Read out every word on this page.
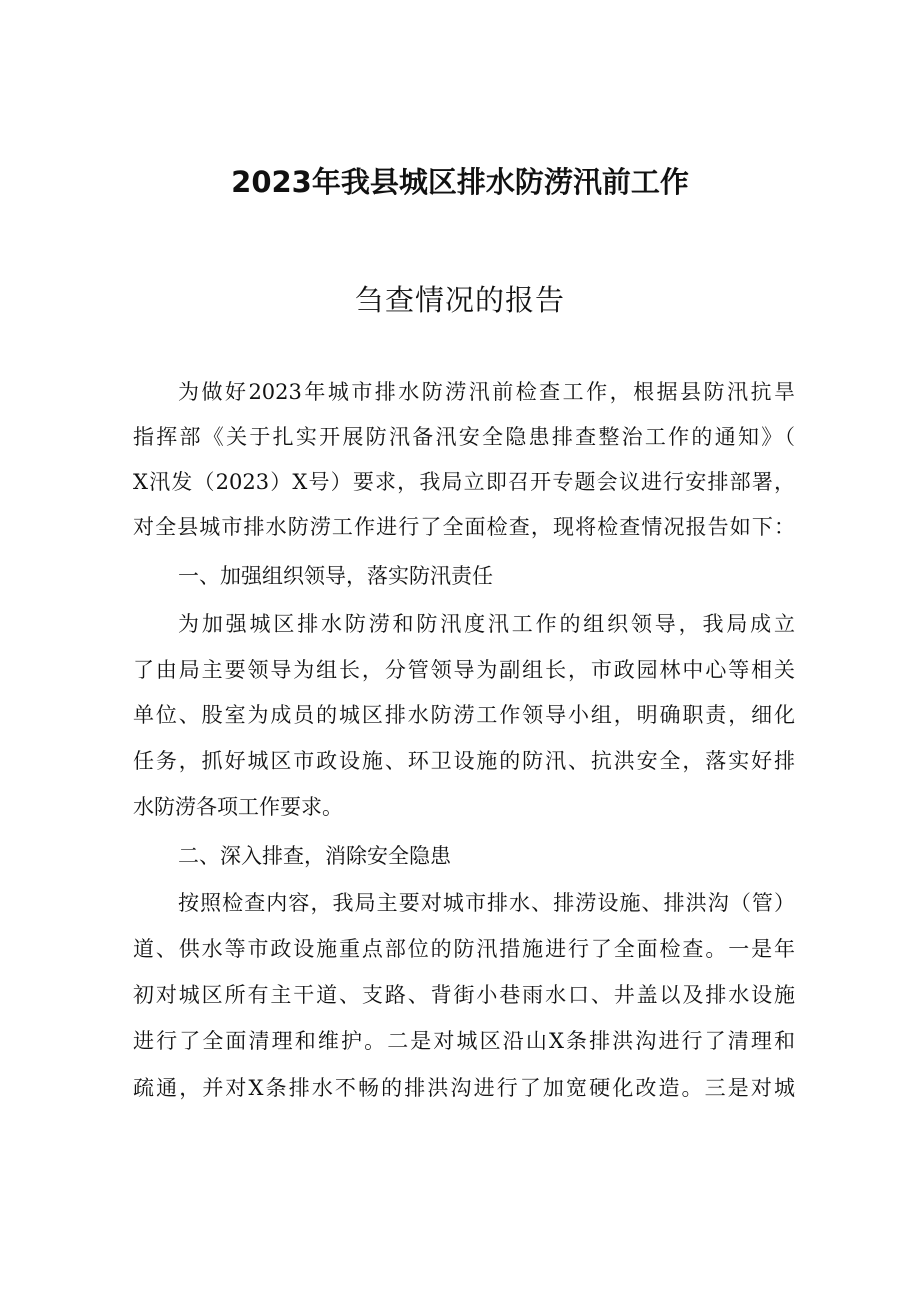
2023年我县城区排水防涝汛前工作
刍查情况的报告

为做好2023年城市排水防涝汛前检查工作，根据县防汛抗旱

指挥部《关于扎实开展防汛备汛安全隐患排查整治工作的通知》（

X汛发（2023）X号）要求，我局立即召开专题会议进行安排部署，

对全县城市排水防涝工作进行了全面检查，现将检查情况报告如下：

一、加强组织领导，落实防汛责任

为加强城区排水防涝和防汛度汛工作的组织领导，我局成立

了由局主要领导为组长，分管领导为副组长，市政园林中心等相关

单位、股室为成员的城区排水防涝工作领导小组，明确职责，细化

任务，抓好城区市政设施、环卫设施的防汛、抗洪安全，落实好排

水防涝各项工作要求。

二、深入排查，消除安全隐患

按照检查内容，我局主要对城市排水、排涝设施、排洪沟（管）

道、供水等市政设施重点部位的防汛措施进行了全面检查。一是年

初对城区所有主干道、支路、背街小巷雨水口、井盖以及排水设施

进行了全面清理和维护。二是对城区沿山X条排洪沟进行了清理和

疏通，并对X条排水不畅的排洪沟进行了加宽硬化改造。三是对城
